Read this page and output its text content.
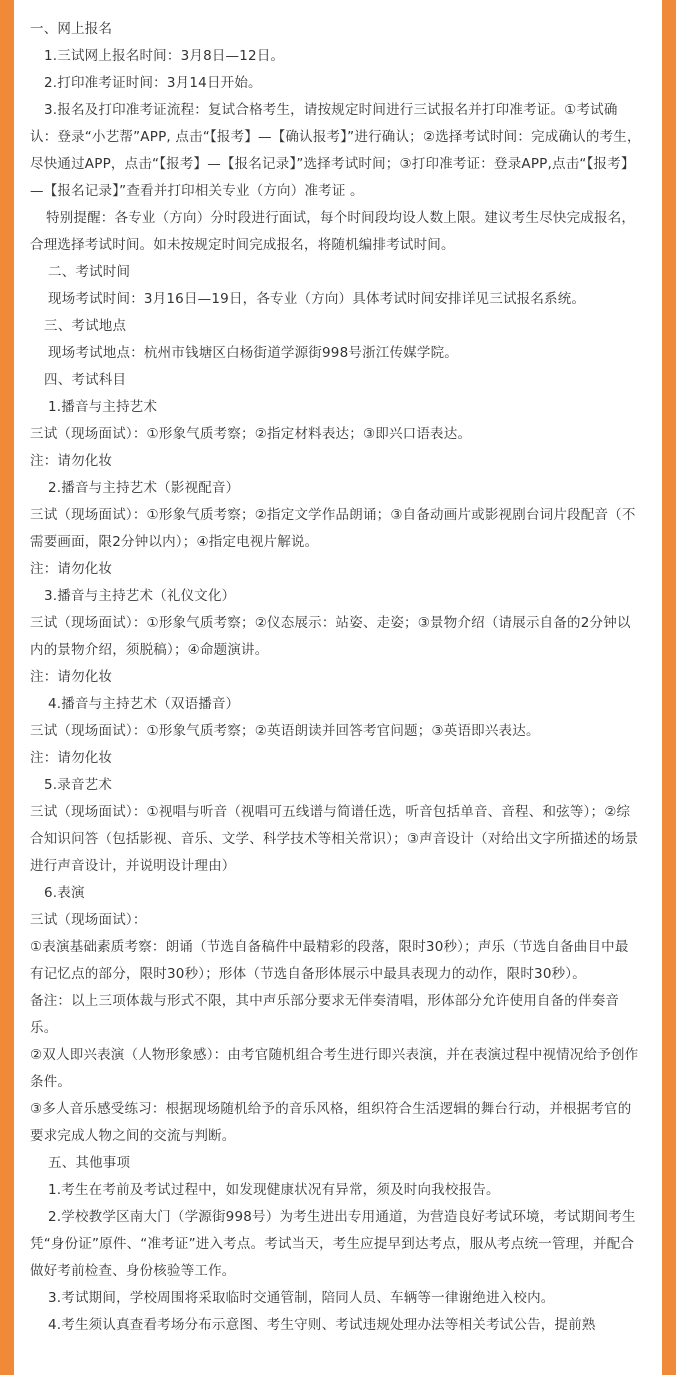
一、网上报名

1.三试网上报名时间：3月8日—12日。

2.打印准考证时间：3月14日开始。

3.报名及打印准考证流程：复试合格考生，请按规定时间进行三试报名并打印准考证。①考试确认：登录“小艺帮”APP, 点击“【报考】—【确认报考】”进行确认；②选择考试时间：完成确认的考生，尽快通过APP，点击“【报考】—【报名记录】”选择考试时间；③打印准考证：登录APP,点击“【报考】—【报名记录】”查看并打印相关专业（方向）准考证 。

特别提醒：各专业（方向）分时段进行面试，每个时间段均设人数上限。建议考生尽快完成报名，合理选择考试时间。如未按规定时间完成报名，将随机编排考试时间。

二、考试时间

现场考试时间：3月16日—19日，各专业（方向）具体考试时间安排详见三试报名系统。

三、考试地点

现场考试地点：杭州市钱塘区白杨街道学源街998号浙江传媒学院。

四、考试科目

1.播音与主持艺术

三试（现场面试）：①形象气质考察；②指定材料表达；③即兴口语表达。

注：请勿化妆

2.播音与主持艺术（影视配音）

三试（现场面试）：①形象气质考察；②指定文学作品朗诵；③自备动画片或影视剧台词片段配音（不需要画面，限2分钟以内）；④指定电视片解说。

注：请勿化妆

3.播音与主持艺术（礼仪文化）

三试（现场面试）：①形象气质考察；②仪态展示：站姿、走姿；③景物介绍（请展示自备的2分钟以内的景物介绍，须脱稿）；④命题演讲。

注：请勿化妆

4.播音与主持艺术（双语播音）

三试（现场面试）：①形象气质考察；②英语朗读并回答考官问题；③英语即兴表达。

注：请勿化妆

5.录音艺术

三试（现场面试）：①视唱与听音（视唱可五线谱与简谱任选，听音包括单音、音程、和弦等）；②综合知识问答（包括影视、音乐、文学、科学技术等相关常识）；③声音设计（对给出文字所描述的场景进行声音设计，并说明设计理由）

6.表演

三试（现场面试）：

①表演基础素质考察：朗诵（节选自备稿件中最精彩的段落，限时30秒）；声乐（节选自备曲目中最有记忆点的部分，限时30秒）；形体（节选自备形体展示中最具表现力的动作，限时30秒）。

备注：以上三项体裁与形式不限，其中声乐部分要求无伴奏清唱，形体部分允许使用自备的伴奏音乐。

②双人即兴表演（人物形象感）：由考官随机组合考生进行即兴表演，并在表演过程中视情况给予创作条件。

③多人音乐感受练习：根据现场随机给予的音乐风格，组织符合生活逻辑的舞台行动，并根据考官的要求完成人物之间的交流与判断。

五、其他事项

1.考生在考前及考试过程中，如发现健康状况有异常，须及时向我校报告。

2.学校教学区南大门（学源街998号）为考生进出专用通道，为营造良好考试环境，考试期间考生凭“身份证”原件、“准考证”进入考点。考试当天，考生应提早到达考点，服从考点统一管理，并配合做好考前检查、身份核验等工作。

3.考试期间，学校周围将采取临时交通管制，陪同人员、车辆等一律谢绝进入校内。

4.考生须认真查看考场分布示意图、考生守则、考试违规处理办法等相关考试公告，提前熟
